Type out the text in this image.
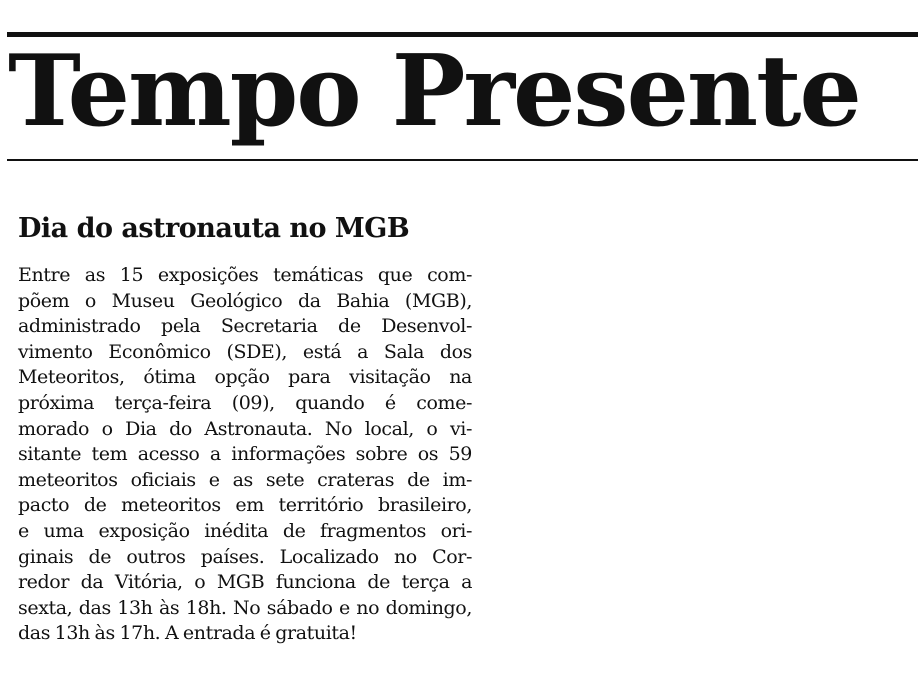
Tempo Presente
Dia do astronauta no MGB
Entre as 15 exposições temáticas que com-
põem o Museu Geológico da Bahia (MGB),
administrado pela Secretaria de Desenvol-
vimento Econômico (SDE), está a Sala dos
Meteoritos, ótima opção para visitação na
próxima terça-feira (09), quando é come-
morado o Dia do Astronauta. No local, o vi-
sitante tem acesso a informações sobre os 59
meteoritos oficiais e as sete crateras de im-
pacto de meteoritos em território brasileiro,
e uma exposição inédita de fragmentos ori-
ginais de outros países. Localizado no Cor-
redor da Vitória, o MGB funciona de terça a
sexta, das 13h às 18h. No sábado e no domingo,
das 13h às 17h. A entrada é gratuita!
